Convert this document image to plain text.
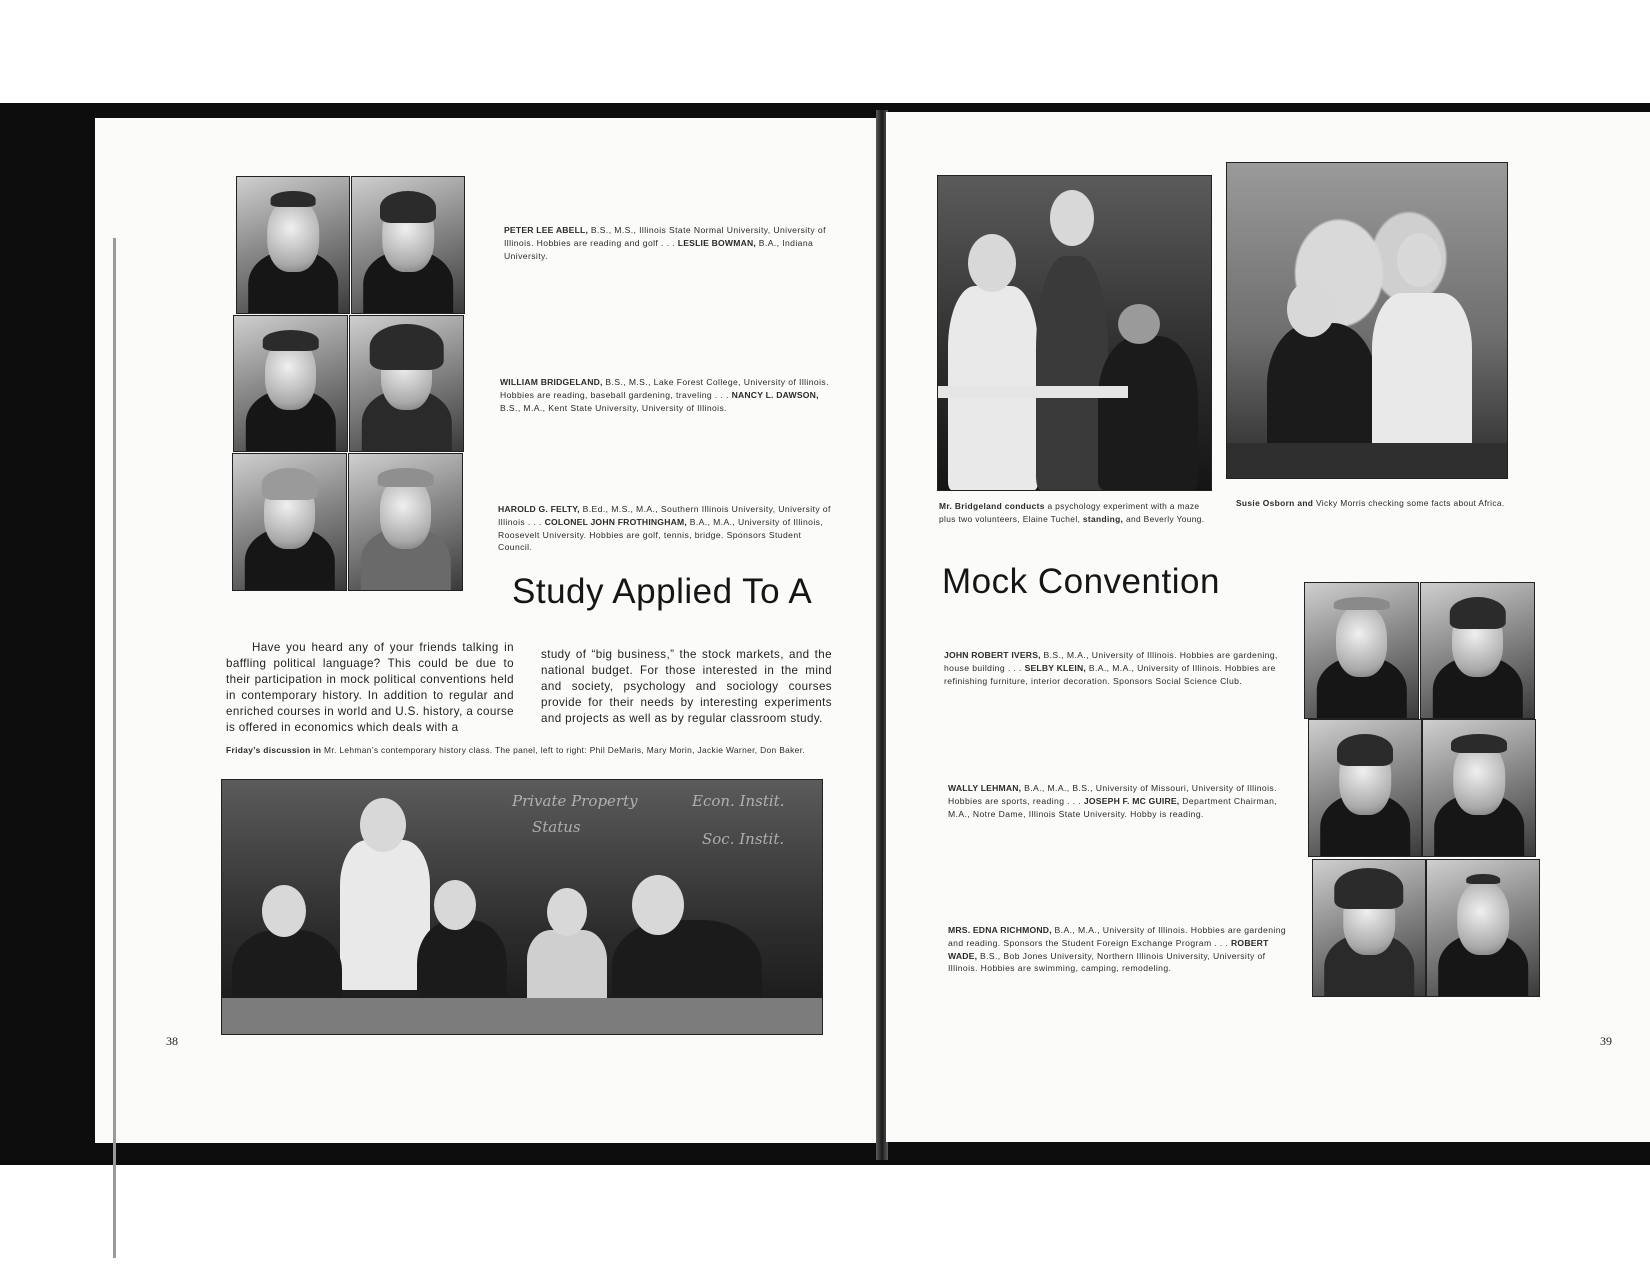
PETER LEE ABELL, B.S., M.S., Illinois State Normal University, University of Illinois. Hobbies are reading and golf . . . LESLIE BOWMAN, B.A., Indiana University.
WILLIAM BRIDGELAND, B.S., M.S., Lake Forest College, University of Illinois. Hobbies are reading, baseball gardening, traveling . . . NANCY L. DAWSON, B.S., M.A., Kent State University, University of Illinois.
HAROLD G. FELTY, B.Ed., M.S., M.A., Southern Illinois University, University of Illinois . . . COLONEL JOHN FROTHINGHAM, B.A., M.A., University of Illinois, Roosevelt University. Hobbies are golf, tennis, bridge. Sponsors Student Council.
Study Applied To A
Have you heard any of your friends talking in baffling political language? This could be due to their participation in mock political conventions held in contemporary history. In addition to regular and enriched courses in world and U.S. history, a course is offered in economics which deals with a
study of “big business,” the stock markets, and the national budget. For those interested in the mind and society, psychology and sociology courses provide for their needs by interesting experiments and projects as well as by regular classroom study.
Friday’s discussion in Mr. Lehman’s contemporary history class. The panel, left to right: Phil DeMaris, Mary Morin, Jackie Warner, Don Baker.
Private Property	Econ. Instit.
Status
Soc. Instit.
38
Mr. Bridgeland conducts a psychology experiment with a maze plus two volunteers, Elaine Tuchel, standing, and Beverly Young.
Susie Osborn and Vicky Morris checking some facts about Africa.
Mock Convention
JOHN ROBERT IVERS, B.S., M.A., University of Illinois. Hobbies are gardening, house building . . . SELBY KLEIN, B.A., M.A., University of Illinois. Hobbies are refinishing furniture, interior decoration. Sponsors Social Science Club.
WALLY LEHMAN, B.A., M.A., B.S., University of Missouri, University of Illinois. Hobbies are sports, reading . . . JOSEPH F. MC GUIRE, Department Chairman, M.A., Notre Dame, Illinois State University. Hobby is reading.
MRS. EDNA RICHMOND, B.A., M.A., University of Illinois. Hobbies are gardening and reading. Sponsors the Student Foreign Exchange Program . . . ROBERT WADE, B.S., Bob Jones University, Northern Illinois University, University of Illinois. Hobbies are swimming, camping, remodeling.
39
